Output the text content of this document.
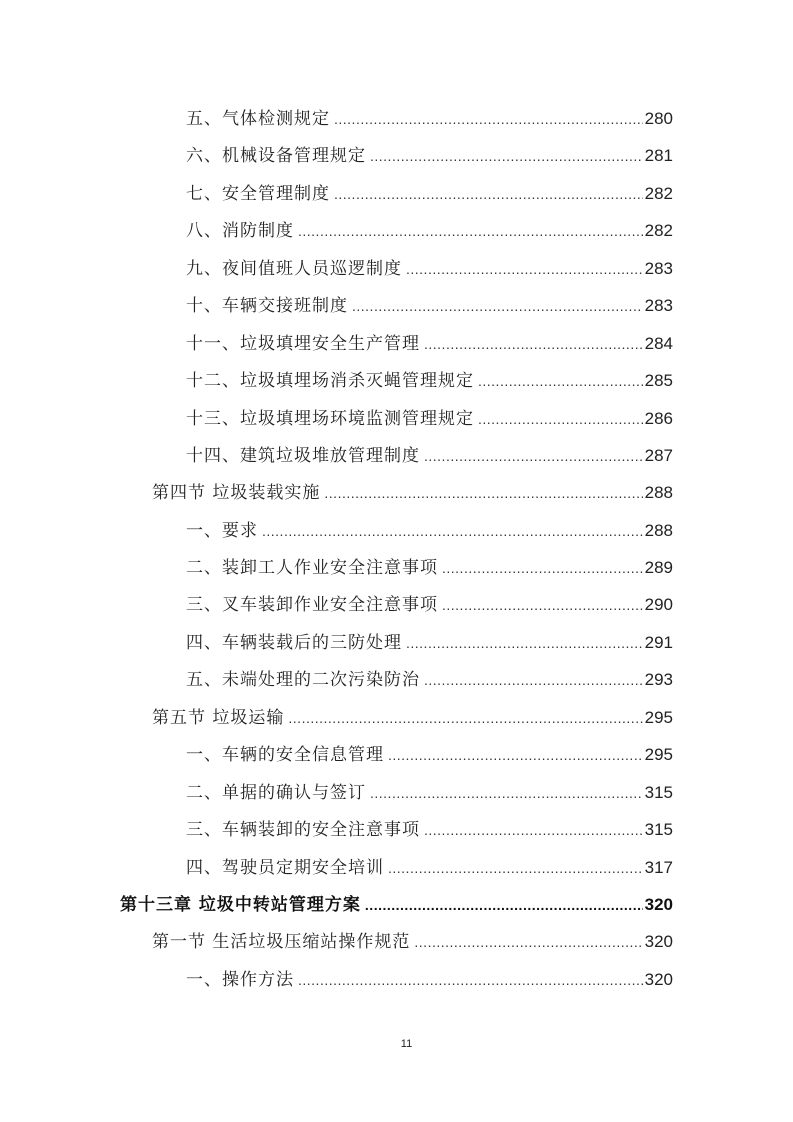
五、气体检测规定 .....	280
六、机械设备管理规定 .....	281
七、安全管理制度 .....	282
八、消防制度 .....	282
九、夜间值班人员巡逻制度 .....	283
十、车辆交接班制度 .....	283
十一、垃圾填埋安全生产管理 .....	284
十二、垃圾填埋场消杀灭蝇管理规定 .....	285
十三、垃圾填埋场环境监测管理规定 .....	286
十四、建筑垃圾堆放管理制度 .....	287
第四节 垃圾装载实施 .....	288
一、要求 .....	288
二、装卸工人作业安全注意事项 .....	289
三、叉车装卸作业安全注意事项 .....	290
四、车辆装载后的三防处理 .....	291
五、未端处理的二次污染防治 .....	293
第五节 垃圾运输 .....	295
一、车辆的安全信息管理 .....	295
二、单据的确认与签订 .....	315
三、车辆装卸的安全注意事项 .....	315
四、驾驶员定期安全培训 .....	317
第十三章 垃圾中转站管理方案 .....	320
第一节 生活垃圾压缩站操作规范 .....	320
一、操作方法 .....	320
11
